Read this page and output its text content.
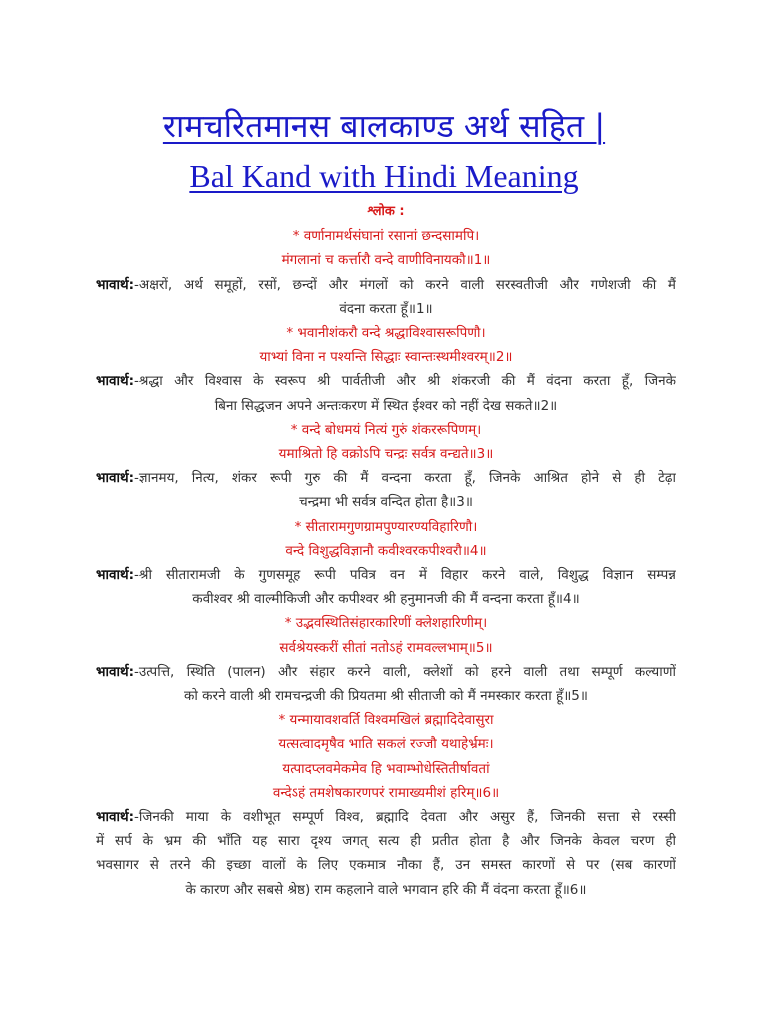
रामचरितमानस बालकाण्ड अर्थ सहित |
Bal Kand with Hindi Meaning

श्लोक :

* वर्णानामर्थसंघानां रसानां छन्दसामपि।

मंगलानां च कर्त्तारौ वन्दे वाणीविनायकौ॥1॥

भावार्थ:-अक्षरों, अर्थ समूहों, रसों, छन्दों और मंगलों को करने वाली सरस्वतीजी और गणेशजी की मैं

वंदना करता हूँ॥1॥

* भवानीशंकरौ वन्दे श्रद्धाविश्वासरूपिणौ।

याभ्यां विना न पश्यन्ति सिद्धाः स्वान्तःस्थमीश्वरम्‌॥2॥

भावार्थ:-श्रद्धा और विश्वास के स्वरूप श्री पार्वतीजी और श्री शंकरजी की मैं वंदना करता हूँ, जिनके

बिना सिद्धजन अपने अन्तःकरण में स्थित ईश्वर को नहीं देख सकते॥2॥

* वन्दे बोधमयं नित्यं गुरुं शंकररूपिणम्‌।

यमाश्रितो हि वक्रोऽपि चन्द्रः सर्वत्र वन्द्यते॥3॥

भावार्थ:-ज्ञानमय, नित्य, शंकर रूपी गुरु की मैं वन्दना करता हूँ, जिनके आश्रित होने से ही टेढ़ा

चन्द्रमा भी सर्वत्र वन्दित होता है॥3॥

* सीतारामगुणग्रामपुण्यारण्यविहारिणौ।

वन्दे विशुद्धविज्ञानौ कवीश्वरकपीश्वरौ॥4॥

भावार्थ:-श्री सीतारामजी के गुणसमूह रूपी पवित्र वन में विहार करने वाले, विशुद्ध विज्ञान सम्पन्न

कवीश्वर श्री वाल्मीकिजी और कपीश्वर श्री हनुमानजी की मैं वन्दना करता हूँ॥4॥

* उद्भवस्थितिसंहारकारिणीं क्लेशहारिणीम्‌।

सर्वश्रेयस्करीं सीतां नतोऽहं रामवल्लभाम्‌॥5॥

भावार्थ:-उत्पत्ति, स्थिति (पालन) और संहार करने वाली, क्लेशों को हरने वाली तथा सम्पूर्ण कल्याणों

को करने वाली श्री रामचन्द्रजी की प्रियतमा श्री सीताजी को मैं नमस्कार करता हूँ॥5॥

* यन्मायावशवर्ति विश्वमखिलं ब्रह्मादिदेवासुरा

यत्सत्वादमृषैव भाति सकलं रज्जौ यथाहेर्भ्रमः।

यत्पादप्लवमेकमेव हि भवाम्भोधेस्तितीर्षावतां

वन्देऽहं तमशेषकारणपरं रामाख्यमीशं हरिम्‌॥6॥

भावार्थ:-जिनकी माया के वशीभूत सम्पूर्ण विश्व, ब्रह्मादि देवता और असुर हैं, जिनकी सत्ता से रस्सी

में सर्प के भ्रम की भाँति यह सारा दृश्य जगत्‌ सत्य ही प्रतीत होता है और जिनके केवल चरण ही

भवसागर से तरने की इच्छा वालों के लिए एकमात्र नौका हैं, उन समस्त कारणों से पर (सब कारणों

के कारण और सबसे श्रेष्ठ) राम कहलाने वाले भगवान हरि की मैं वंदना करता हूँ॥6॥
